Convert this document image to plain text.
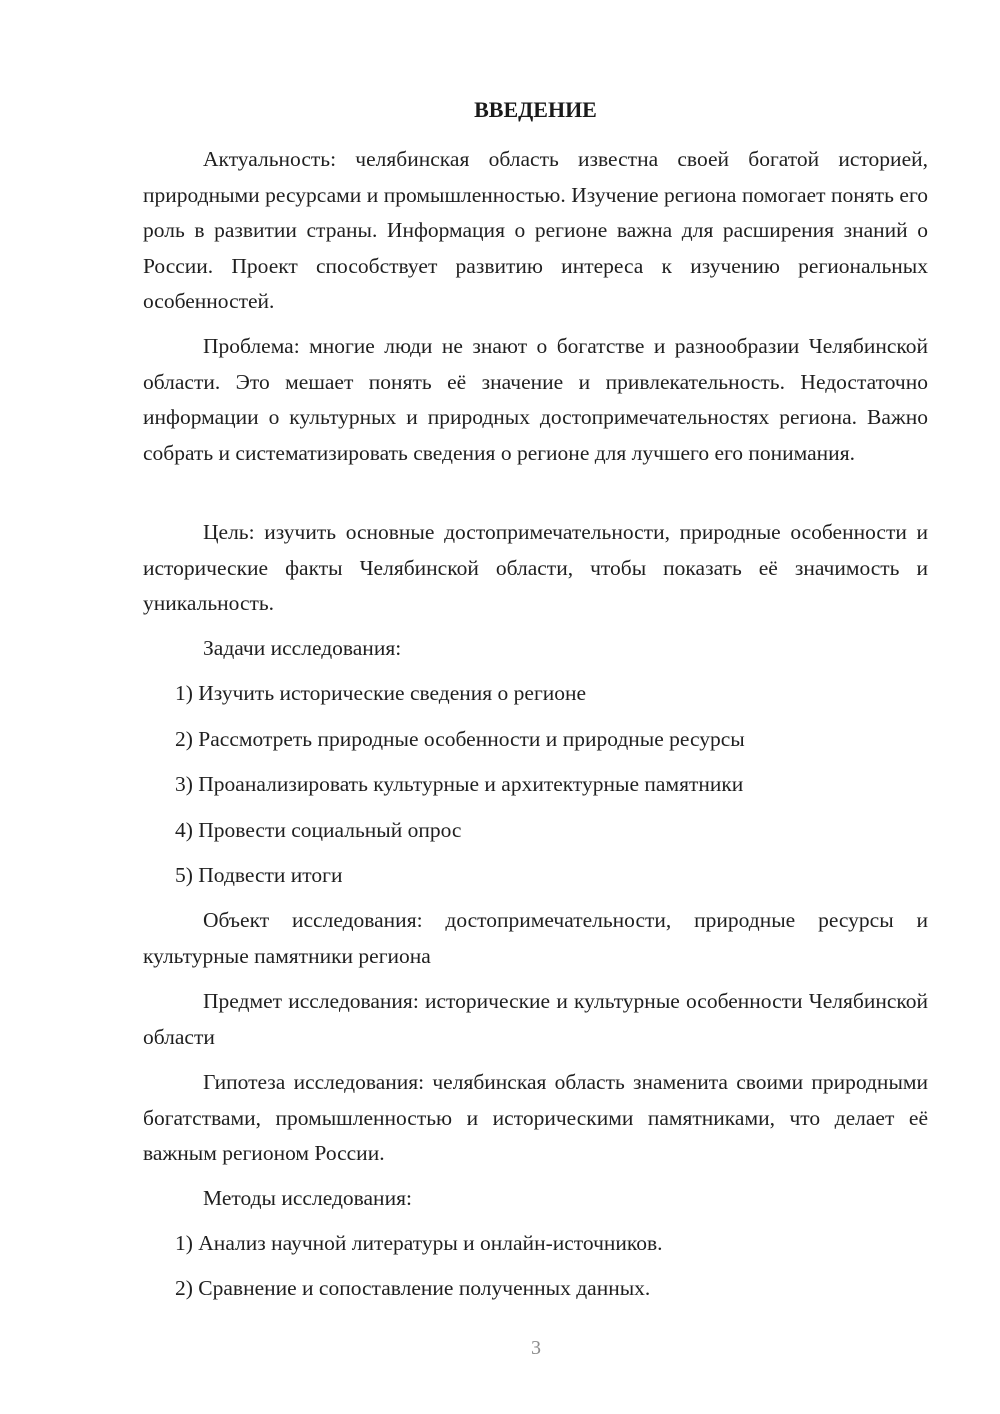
ВВЕДЕНИЕ

Актуальность: челябинская область известна своей богатой историей, природными ресурсами и промышленностью. Изучение региона помогает понять его роль в развитии страны. Информация о регионе важна для расширения знаний о России. Проект способствует развитию интереса к изучению региональных особенностей.

Проблема: многие люди не знают о богатстве и разнообразии Челябинской области. Это мешает понять её значение и привлекательность. Недостаточно информации о культурных и природных достопримечательностях региона. Важно собрать и систематизировать сведения о регионе для лучшего его понимания.

Цель: изучить основные достопримечательности, природные особенности и исторические факты Челябинской области, чтобы показать её значимость и уникальность.

Задачи исследования:
1) Изучить исторические сведения о регионе
2) Рассмотреть природные особенности и природные ресурсы
3) Проанализировать культурные и архитектурные памятники
4) Провести социальный опрос
5) Подвести итоги

Объект исследования: достопримечательности, природные ресурсы и культурные памятники региона

Предмет исследования: исторические и культурные особенности Челябинской области

Гипотеза исследования: челябинская область знаменита своими природными богатствами, промышленностью и историческими памятниками, что делает её важным регионом России.

Методы исследования:
1) Анализ научной литературы и онлайн-источников.
2) Сравнение и сопоставление полученных данных.
3
